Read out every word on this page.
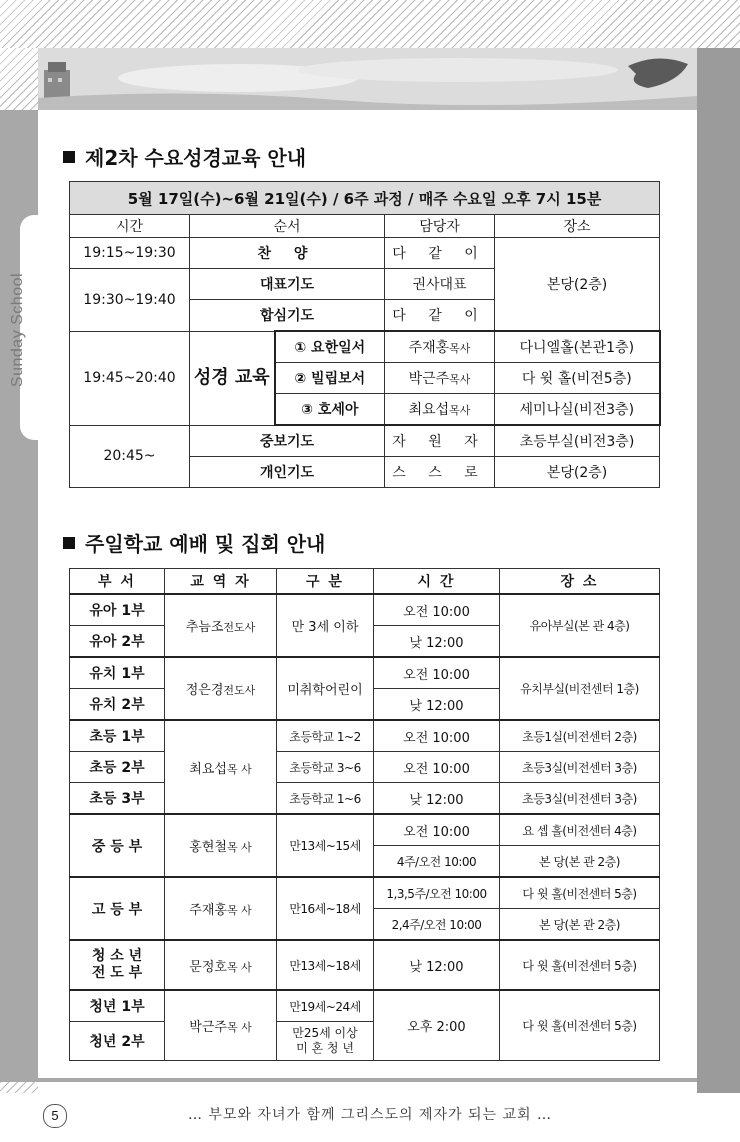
Sunday School
제2차 수요성경교육 안내
5월 17일(수)~6월 21일(수) / 6주 과정 / 매주 수요일 오후 7시 15분				
시간	순서		담당자	장소
19:15~19:30	찬 양		다 같 이	본당(2층)
19:30~19:40	대표기도		권사대표	
	합심기도		다 같 이	
19:45~20:40	성경 교육	① 요한일서	주재홍목사	다니엘홀(본관1층)
		② 빌립보서	박근주목사	다 윗 홀(비전5층)
		③ 호세아	최요섭목사	세미나실(비전3층)
20:45~	중보기도		자 원 자	초등부실(비전3층)
	개인기도		스 스 로	본당(2층)
주일학교 예배 및 집회 안내
부 서	교 역 자	구 분	시 간	장 소
유아 1부	추늠조전도사	만 3세 이하	오전 10:00	유아부실(본 관 4층)
유아 2부			낮 12:00	
유치 1부	정은경전도사	미취학어린이	오전 10:00	유치부실(비전센터 1층)
유치 2부			낮 12:00	
초등 1부	최요섭목 사	초등학교 1~2	오전 10:00	초등1실(비전센터 2층)
초등 2부		초등학교 3~6	오전 10:00	초등3실(비전센터 3층)
초등 3부		초등학교 1~6	낮 12:00	초등3실(비전센터 3층)
중 등 부	홍현철목 사	만13세~15세	오전 10:00	요 셉 홀(비전센터 4층)
			4주/오전 10:00	본 당(본 관 2층)
고 등 부	주재홍목 사	만16세~18세	1,3,5주/오전 10:00	다 윗 홀(비전센터 5층)
			2,4주/오전 10:00	본 당(본 관 2층)
청 소 년
전 도 부	문정호목 사	만13세~18세	낮 12:00	다 윗 홀(비전센터 5층)
청년 1부	박근주목 사	만19세~24세	오후 2:00	다 윗 홀(비전센터 5층)
청년 2부		만25세 이상
미 혼 청 년		
5	… 부모와 자녀가 함께 그리스도의 제자가 되는 교회 …
